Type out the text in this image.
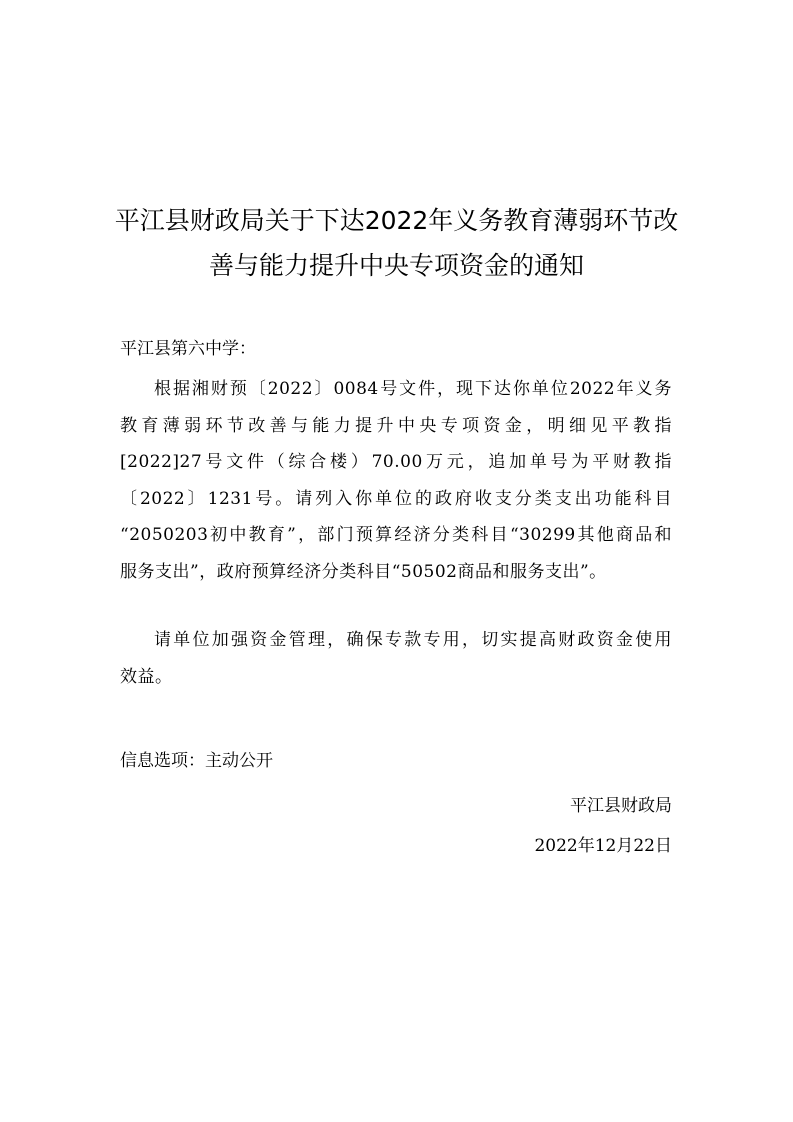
平江县财政局关于下达2022年义务教育薄弱环节改
善与能力提升中央专项资金的通知
平江县第六中学：
根据湘财预〔2022〕0084号文件，现下达你单位2022年义务
教育薄弱环节改善与能力提升中央专项资金，明细见平教指
[2022]27号文件（综合楼）70.00万元，追加单号为平财教指
〔2022〕1231号。请列入你单位的政府收支分类支出功能科目
“2050203初中教育”，部门预算经济分类科目“30299其他商品和
服务支出”，政府预算经济分类科目“50502商品和服务支出”。
请单位加强资金管理，确保专款专用，切实提高财政资金使用
效益。
信息选项：主动公开
平江县财政局
2022年12月22日
